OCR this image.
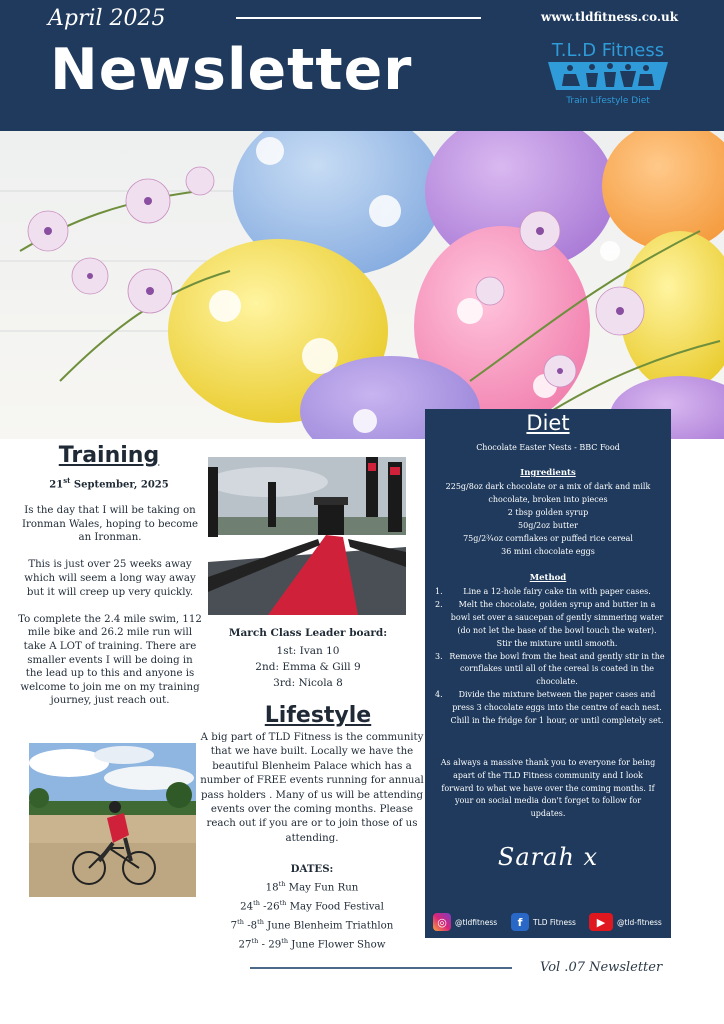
April 2025	www.tldfitness.co.uk
Newsletter	T.L.D Fitness
Train Lifestyle Diet
Training
21st September, 2025

Is the day that I will be taking on Ironman Wales, hoping to become an Ironman.

This is just over 25 weeks away which will seem a long way away but it will creep up very quickly.

To complete the 2.4 mile swim, 112 mile bike and 26.2 mile run will take A LOT of training. There are smaller events I will be doing in the lead up to this and anyone is welcome to join me on my training journey, just reach out.

March Class Leader board:
1st: Ivan 10
2nd: Emma & Gill 9
3rd: Nicola 8
Lifestyle
A big part of TLD Fitness is the community that we have built. Locally we have the beautiful Blenheim Palace which has a number of FREE events running for annual pass holders . Many of us will be attending events over the coming months. Please reach out if you are or to join those of us attending.
DATES:
18th May Fun Run
24th -26th May Food Festival
7th -8th June Blenheim Triathlon
27th - 29th June Flower Show
Diet
Chocolate Easter Nests - BBC Food
Ingredients
225g/8oz dark chocolate or a mix of dark and milk chocolate, broken into pieces
2 tbsp golden syrup
50g/2oz butter
75g/2¾oz cornflakes or puffed rice cereal
36 mini chocolate eggs
Method
1.	Line a 12-hole fairy cake tin with paper cases.
2. Melt the chocolate, golden syrup and butter in a bowl set over a saucepan of gently simmering water (do not let the base of the bowl touch the water). Stir the mixture until smooth.
3. Remove the bowl from the heat and gently stir in the cornflakes until all of the cereal is coated in the chocolate.
4. Divide the mixture between the paper cases and press 3 chocolate eggs into the centre of each nest. Chill in the fridge for 1 hour, or until completely set.
As always a massive thank you to everyone for being apart of the TLD Fitness community and I look forward to what we have over the coming months. If your on social media don't forget to follow for updates.
Sarah x
◎	@tldfitness	f	TLD Fitness	▶	@tld-fitness
Vol .07 Newsletter
